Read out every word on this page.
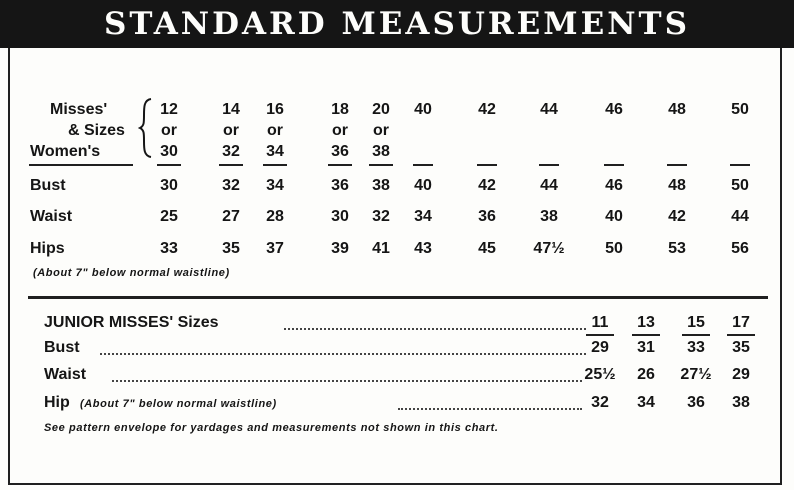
STANDARD MEASUREMENTS
Misses'
& Sizes
Women's
12	14	16	18	20	40	42	44	46	48	50
or	or	or	or	or
30	32	34	36	38
Bust	30	32	34	36	38	40	42	44	46	48	50
Waist	25	27	28	30	32	34	36	38	40	42	44
Hips	33	35	37	39	41	43	45	47½	50	53	56
(About 7" below normal waistline)
JUNIOR MISSES' Sizes	11	13	15	17
Bust	29	31	33	35
Waist	25½	26	27½	29
Hip (About 7" below normal waistline)	32	34	36	38
See pattern envelope for yardages and measurements not shown in this chart.
